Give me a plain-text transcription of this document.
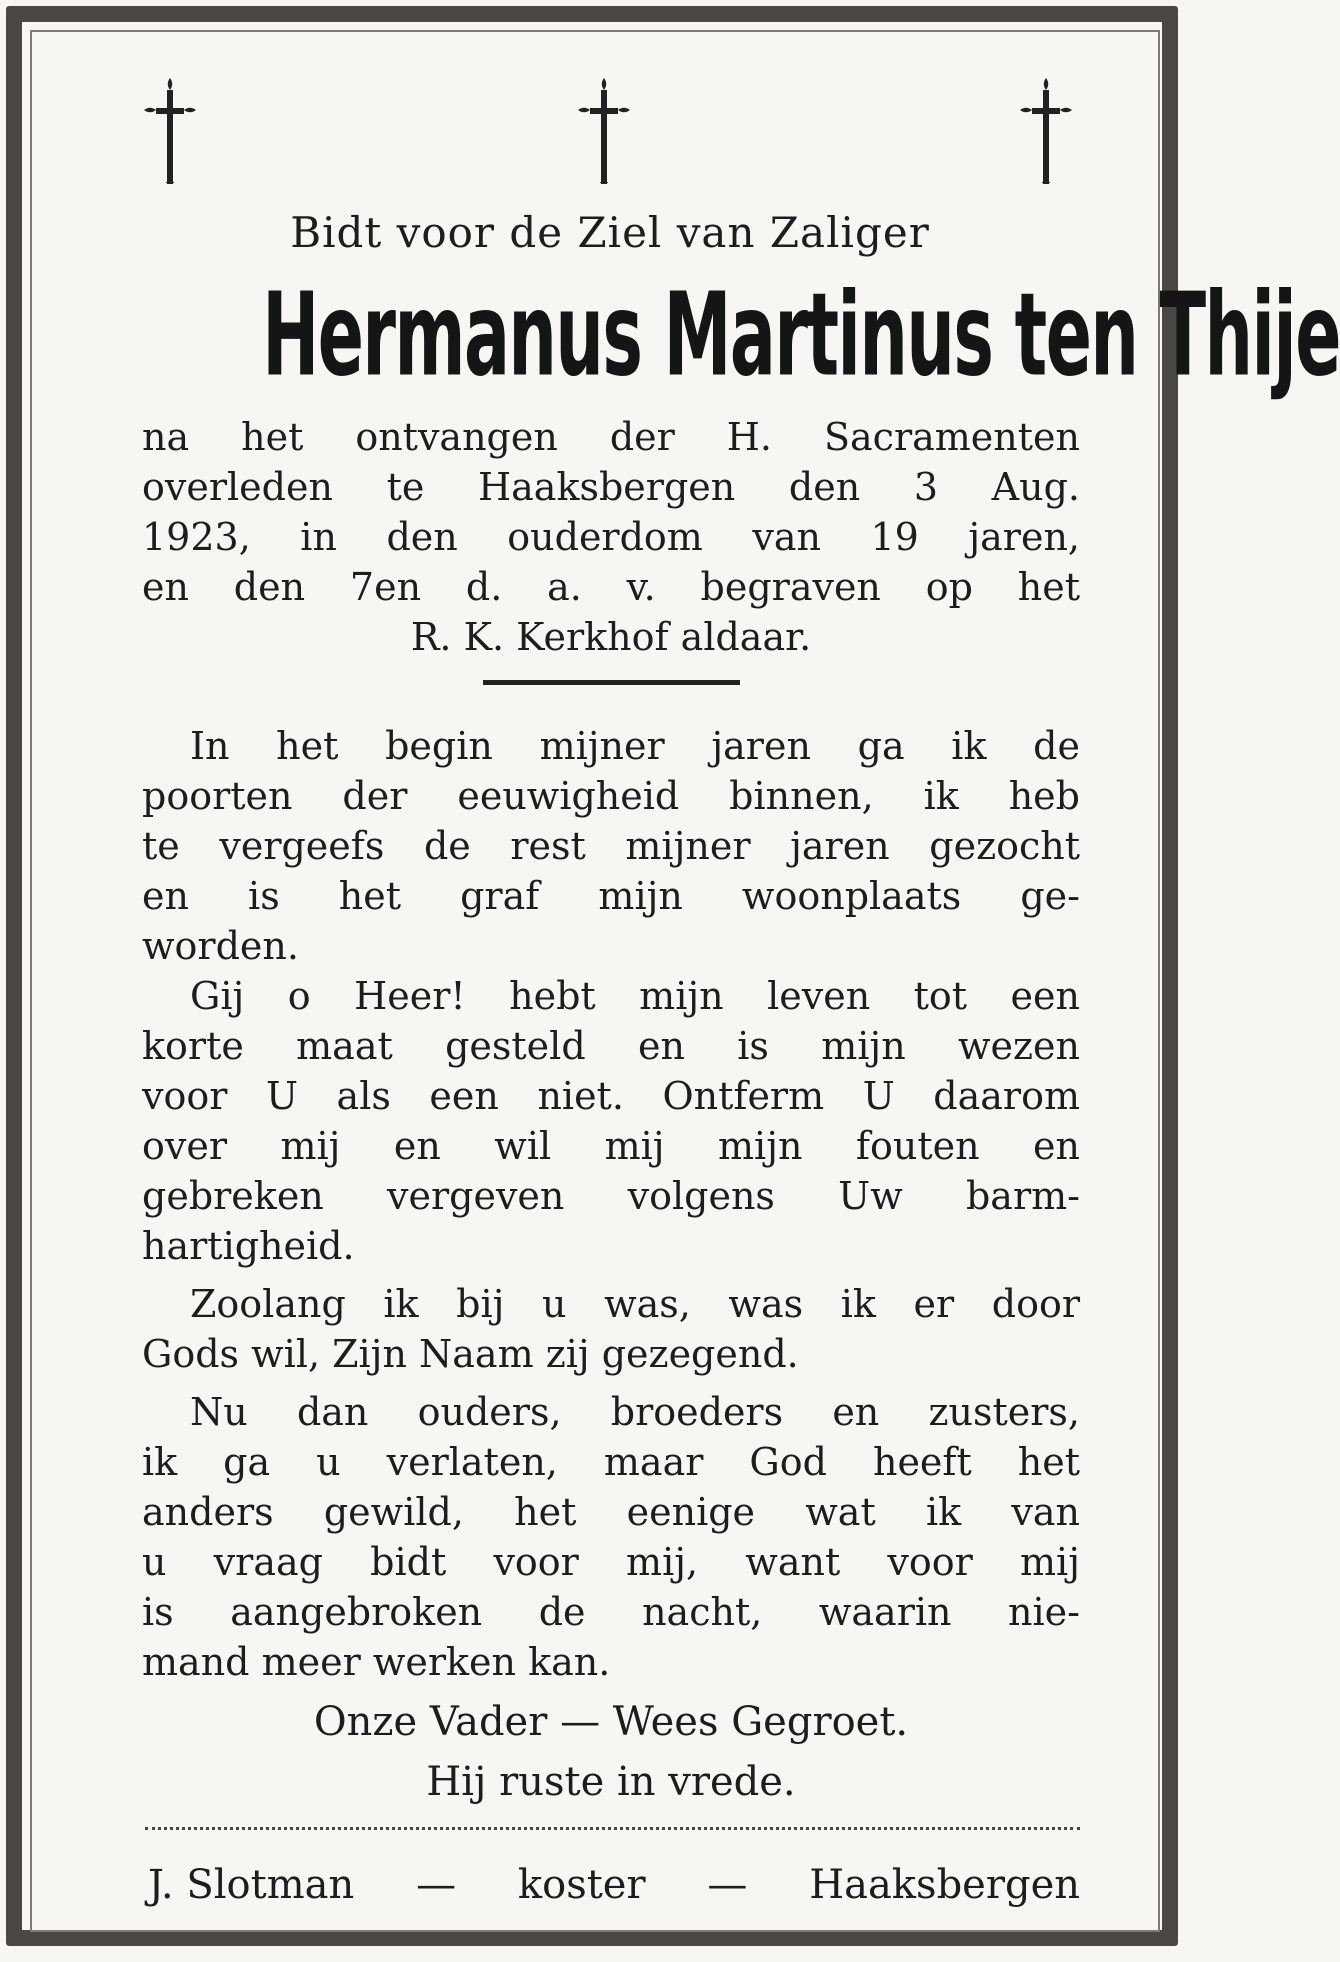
Bidt voor de Ziel van Zaliger
Hermanus Martinus ten Thije
na het ontvangen der H. Sacramenten
overleden te Haaksbergen den 3 Aug.
1923, in den ouderdom van 19 jaren,
en den 7en d. a. v. begraven op het
R. K. Kerkhof aldaar.
In het begin mijner jaren ga ik de
poorten der eeuwigheid binnen, ik heb
te vergeefs de rest mijner jaren gezocht
en is het graf mijn woonplaats ge-
worden.
Gij o Heer! hebt mijn leven tot een
korte maat gesteld en is mijn wezen
voor U als een niet. Ontferm U daarom
over mij en wil mij mijn fouten en
gebreken vergeven volgens Uw barm-
hartigheid.
Zoolang ik bij u was, was ik er door
Gods wil, Zijn Naam zij gezegend.
Nu dan ouders, broeders en zusters,
ik ga u verlaten, maar God heeft het
anders gewild, het eenige wat ik van
u vraag bidt voor mij, want voor mij
is aangebroken de nacht, waarin nie-
mand meer werken kan.
Onze Vader — Wees Gegroet.
Hij ruste in vrede.
J. Slotman — koster — Haaksbergen
